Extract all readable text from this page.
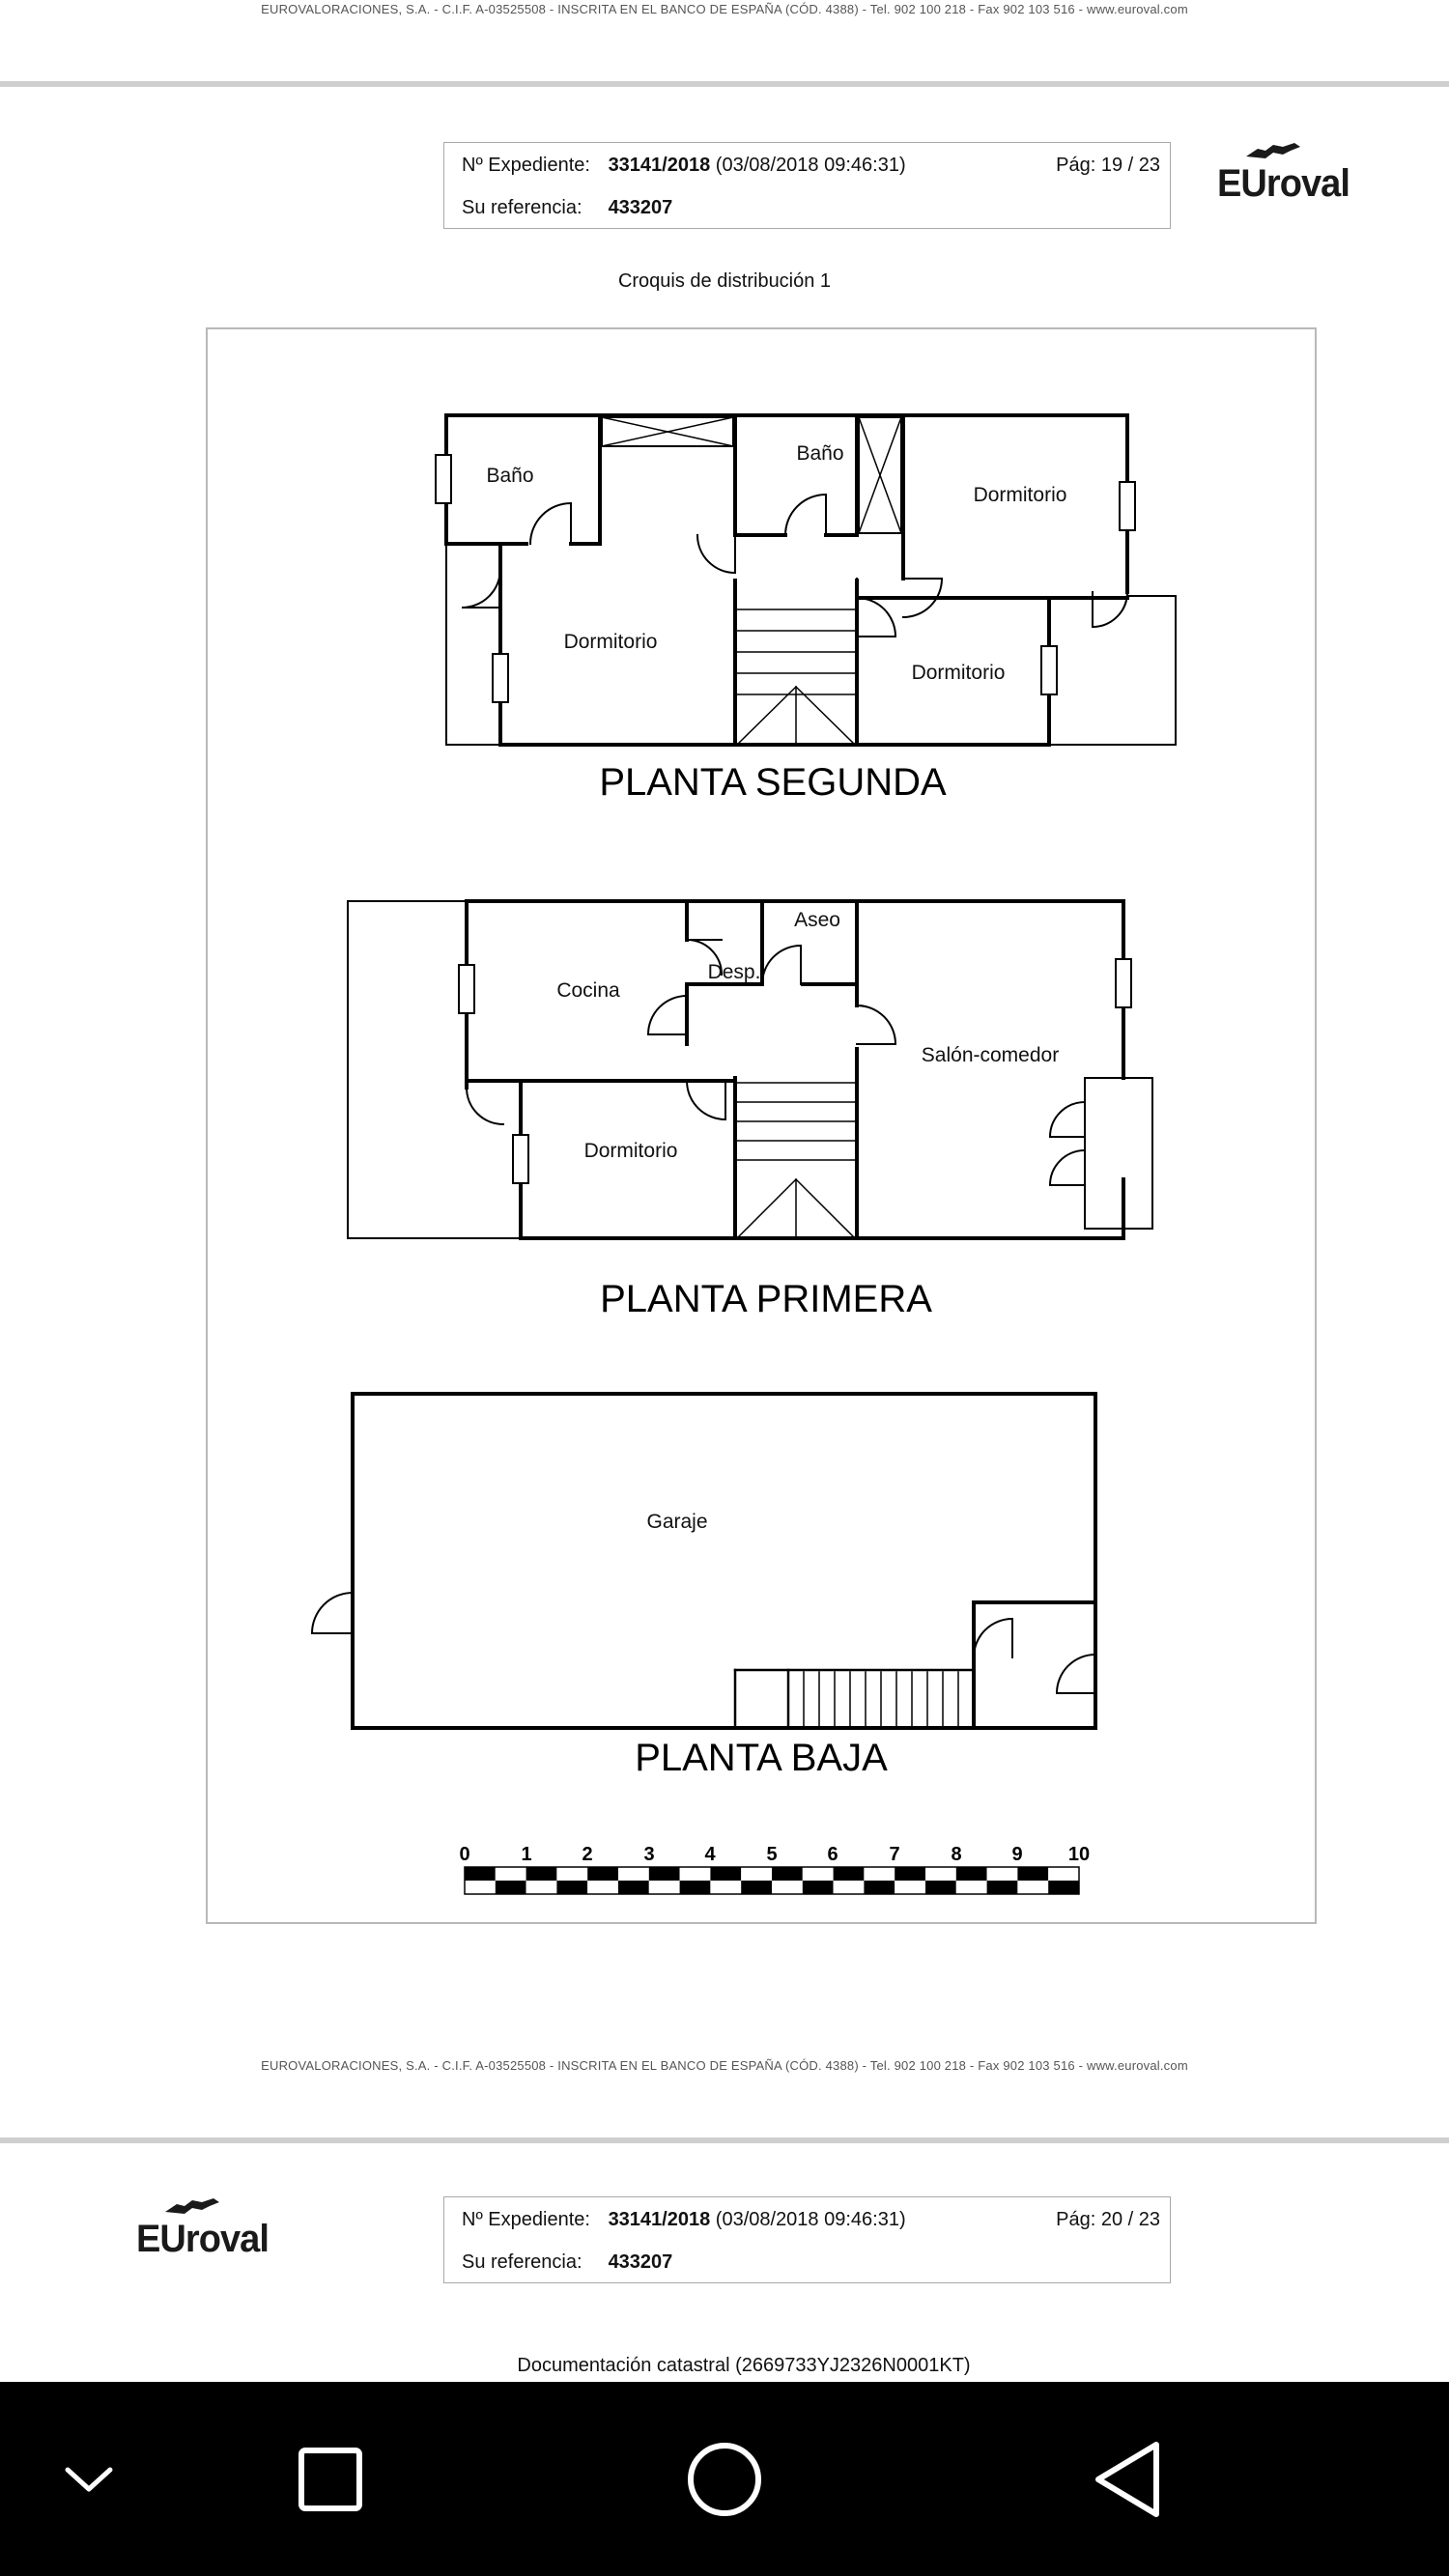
EUROVALORACIONES, S.A. - C.I.F. A-03525508 - INSCRITA EN EL BANCO DE ESPAÑA (CÓD. 4388) - Tel. 902 100 218 - Fax 902 103 516 - www.euroval.com
Nº Expediente: 33141/2018 (03/08/2018 09:46:31)	Pág: 19 / 23
Su referencia: 433207
EUroval
Croquis de distribución 1
Baño
Baño
Dormitorio
Dormitorio
Dormitorio
Aseo
Cocina
Desp.
Salón-comedor
Dormitorio
Garaje
PLANTA SEGUNDA
PLANTA PRIMERA
PLANTA BAJA
0	1	2	3	4	5	6	7	8	9 10
EUROVALORACIONES, S.A. - C.I.F. A-03525508 - INSCRITA EN EL BANCO DE ESPAÑA (CÓD. 4388) - Tel. 902 100 218 - Fax 902 103 516 - www.euroval.com
EUroval	Nº Expediente: 33141/2018 (03/08/2018 09:46:31)	Pág: 20 / 23
Su referencia: 433207
Documentación catastral (2669733YJ2326N0001KT)
